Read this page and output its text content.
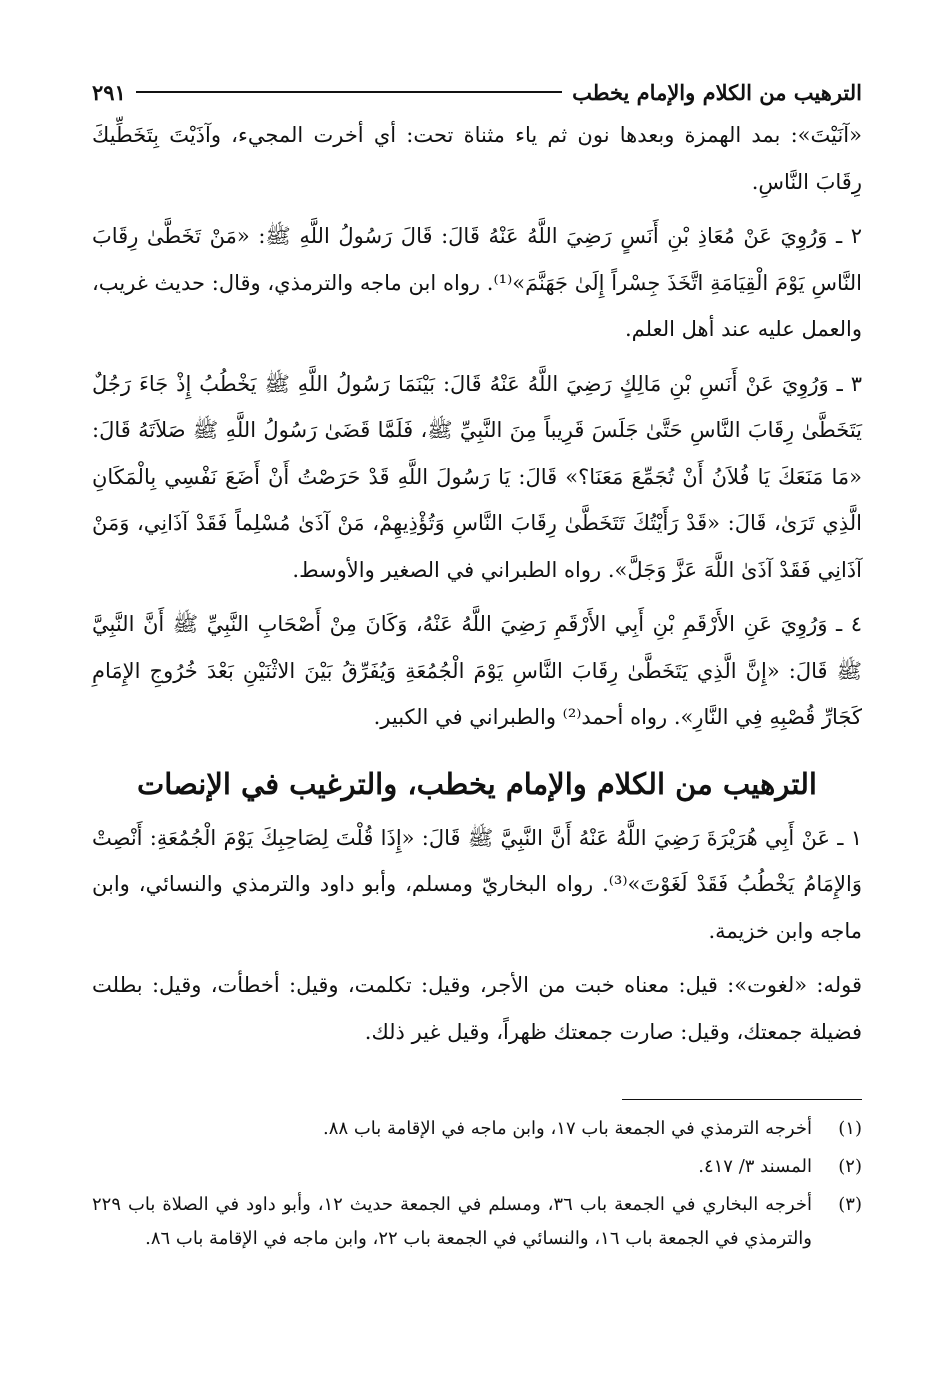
الترهيب من الكلام والإمام يخطب
٢٩١

«آنَيْتَ»: بمد الهمزة وبعدها نون ثم ياء مثناة تحت: أي أخرت المجيء، وآذَيْتَ بِتَخَطِّيكَ رِقَابَ النَّاسِ.

٢ ـ وَرُوِيَ عَنْ مُعَاذِ بْنِ أَنَسٍ رَضِيَ اللَّهُ عَنْهُ قَالَ: قَالَ رَسُولُ اللَّهِ ﷺ: «مَنْ تَخَطَّىٰ رِقَابَ النَّاسِ يَوْمَ الْقِيَامَةِ اتَّخَذَ جِسْراً إِلَىٰ جَهَنَّمَ»⁽¹⁾. رواه ابن ماجه والترمذي، وقال: حديث غريب، والعمل عليه عند أهل العلم.

٣ ـ وَرُوِيَ عَنْ أَنَسِ بْنِ مَالِكٍ رَضِيَ اللَّهُ عَنْهُ قَالَ: بَيْنَمَا رَسُولُ اللَّهِ ﷺ يَخْطُبُ إِذْ جَاءَ رَجُلٌ يَتَخَطَّىٰ رِقَابَ النَّاسِ حَتَّىٰ جَلَسَ قَرِيباً مِنَ النَّبِيِّ ﷺ، فَلَمَّا قَضَىٰ رَسُولُ اللَّهِ ﷺ صَلاَتَهُ قَالَ: «مَا مَنَعَكَ يَا فُلاَنُ أَنْ تُجَمِّعَ مَعَنَا؟» قَالَ: يَا رَسُولَ اللَّهِ قَدْ حَرَصْتُ أَنْ أَضَعَ نَفْسِي بِالْمَكَانِ الَّذِي تَرَىٰ، قَالَ: «قَدْ رَأَيْتُكَ تَتَخَطَّىٰ رِقَابَ النَّاسِ وَتُؤْذِيهِمْ، مَنْ آذَىٰ مُسْلِماً فَقَدْ آذَانِي، وَمَنْ آذَانِي فَقَدْ آذَىٰ اللَّهَ عَزَّ وَجَلَّ». رواه الطبراني في الصغير والأوسط.

٤ ـ وَرُوِيَ عَنِ الأَرْقَمِ بْنِ أَبِي الأَرْقَمِ رَضِيَ اللَّهُ عَنْهُ، وَكَانَ مِنْ أَصْحَابِ النَّبِيِّ ﷺ أَنَّ النَّبِيَّ ﷺ قَالَ: «إِنَّ الَّذِي يَتَخَطَّىٰ رِقَابَ النَّاسِ يَوْمَ الْجُمُعَةِ وَيُفَرِّقُ بَيْنَ الاثْنَيْنِ بَعْدَ خُرُوجِ الإِمَامِ كَجَارِّ قُصْبِهِ فِي النَّارِ». رواه أحمد⁽²⁾ والطبراني في الكبير.

الترهيب من الكلام والإمام يخطب، والترغيب في الإنصات

١ ـ عَنْ أَبِي هُرَيْرَةَ رَضِيَ اللَّهُ عَنْهُ أَنَّ النَّبِيَّ ﷺ قَالَ: «إِذَا قُلْتَ لِصَاحِبِكَ يَوْمَ الْجُمُعَةِ: أَنْصِتْ وَالإِمَامُ يَخْطُبُ فَقَدْ لَغَوْتَ»⁽³⁾. رواه البخاريّ ومسلم، وأبو داود والترمذي والنسائي، وابن ماجه وابن خزيمة.

قوله: «لغوت»: قيل: معناه خبت من الأجر، وقيل: تكلمت، وقيل: أخطأت، وقيل: بطلت فضيلة جمعتك، وقيل: صارت جمعتك ظهراً، وقيل غير ذلك.

(١)
أخرجه الترمذي في الجمعة باب ١٧، وابن ماجه في الإقامة باب ٨٨.
(٢)
المسند ٣/ ٤١٧.
(٣)
أخرجه البخاري في الجمعة باب ٣٦، ومسلم في الجمعة حديث ١٢، وأبو داود في الصلاة باب ٢٢٩ والترمذي في الجمعة باب ١٦، والنسائي في الجمعة باب ٢٢، وابن ماجه في الإقامة باب ٨٦.
